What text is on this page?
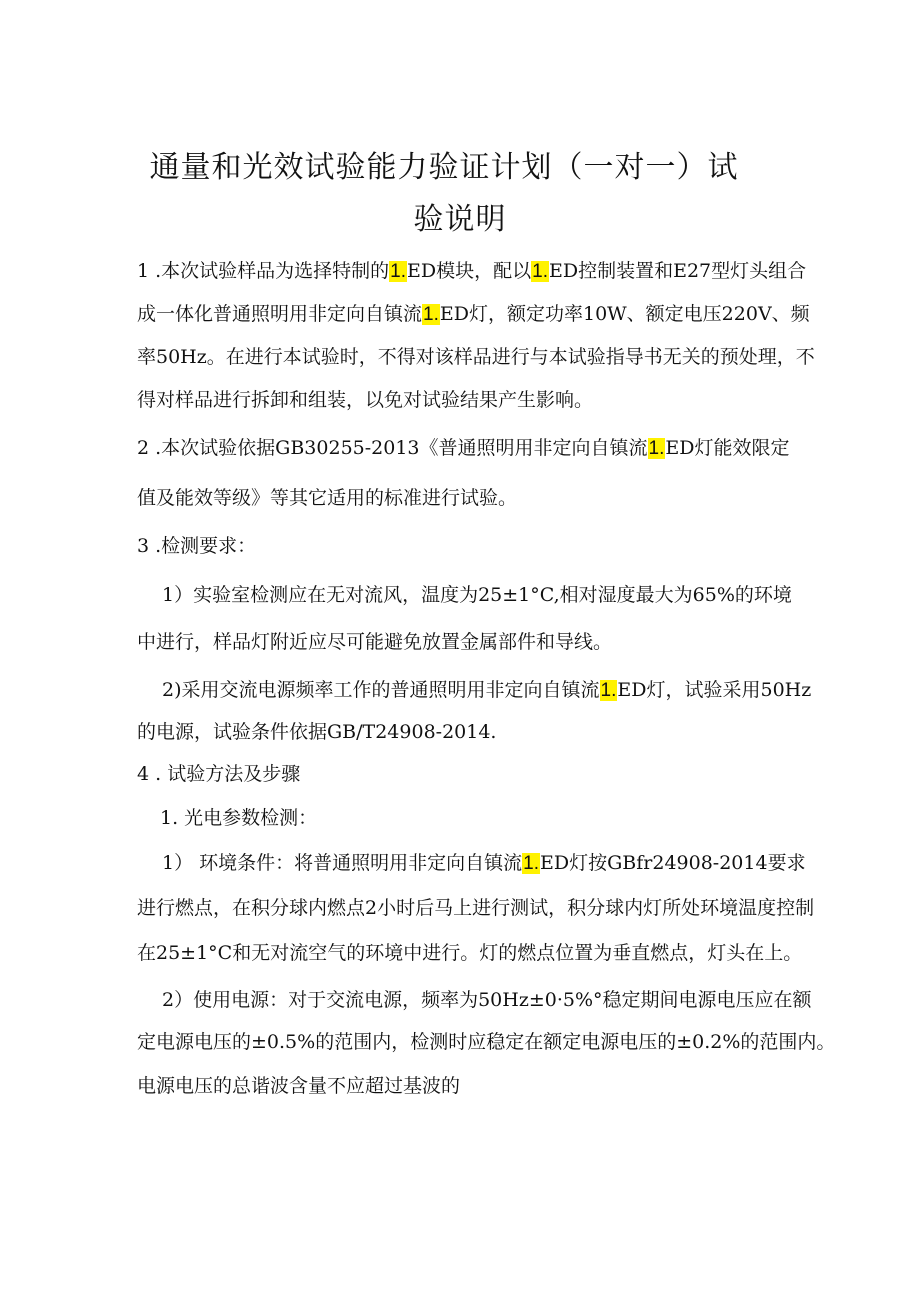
通量和光效试验能力验证计划（一对一）试
验说明
1 .本次试验样品为选择特制的1.ED模块，配以1.ED控制装置和E27型灯头组合
成一体化普通照明用非定向自镇流1.ED灯，额定功率10W、额定电压220V、频
率50Hz。在进行本试验时，不得对该样品进行与本试验指导书无关的预处理，不
得对样品进行拆卸和组装，以免对试验结果产生影响。
2 .本次试验依据GB30255-2013《普通照明用非定向自镇流1.ED灯能效限定
值及能效等级》等其它适用的标准进行试验。
3 .检测要求：
1）实验室检测应在无对流风，温度为25±1°C,相对湿度最大为65%的环境
中进行，样品灯附近应尽可能避免放置金属部件和导线。
2)采用交流电源频率工作的普通照明用非定向自镇流1.ED灯，试验采用50Hz
的电源，试验条件依据GB/T24908-2014.
4 . 试验方法及步骤
1. 光电参数检测：
1） 环境条件：将普通照明用非定向自镇流1.ED灯按GBfr24908-2014要求
进行燃点，在积分球内燃点2小时后马上进行测试，积分球内灯所处环境温度控制
在25±1°C和无对流空气的环境中进行。灯的燃点位置为垂直燃点，灯头在上。
2）使用电源：对于交流电源，频率为50Hz±0·5%°稳定期间电源电压应在额
定电源电压的±0.5%的范围内，检测时应稳定在额定电源电压的±0.2%的范围内。
电源电压的总谐波含量不应超过基波的
